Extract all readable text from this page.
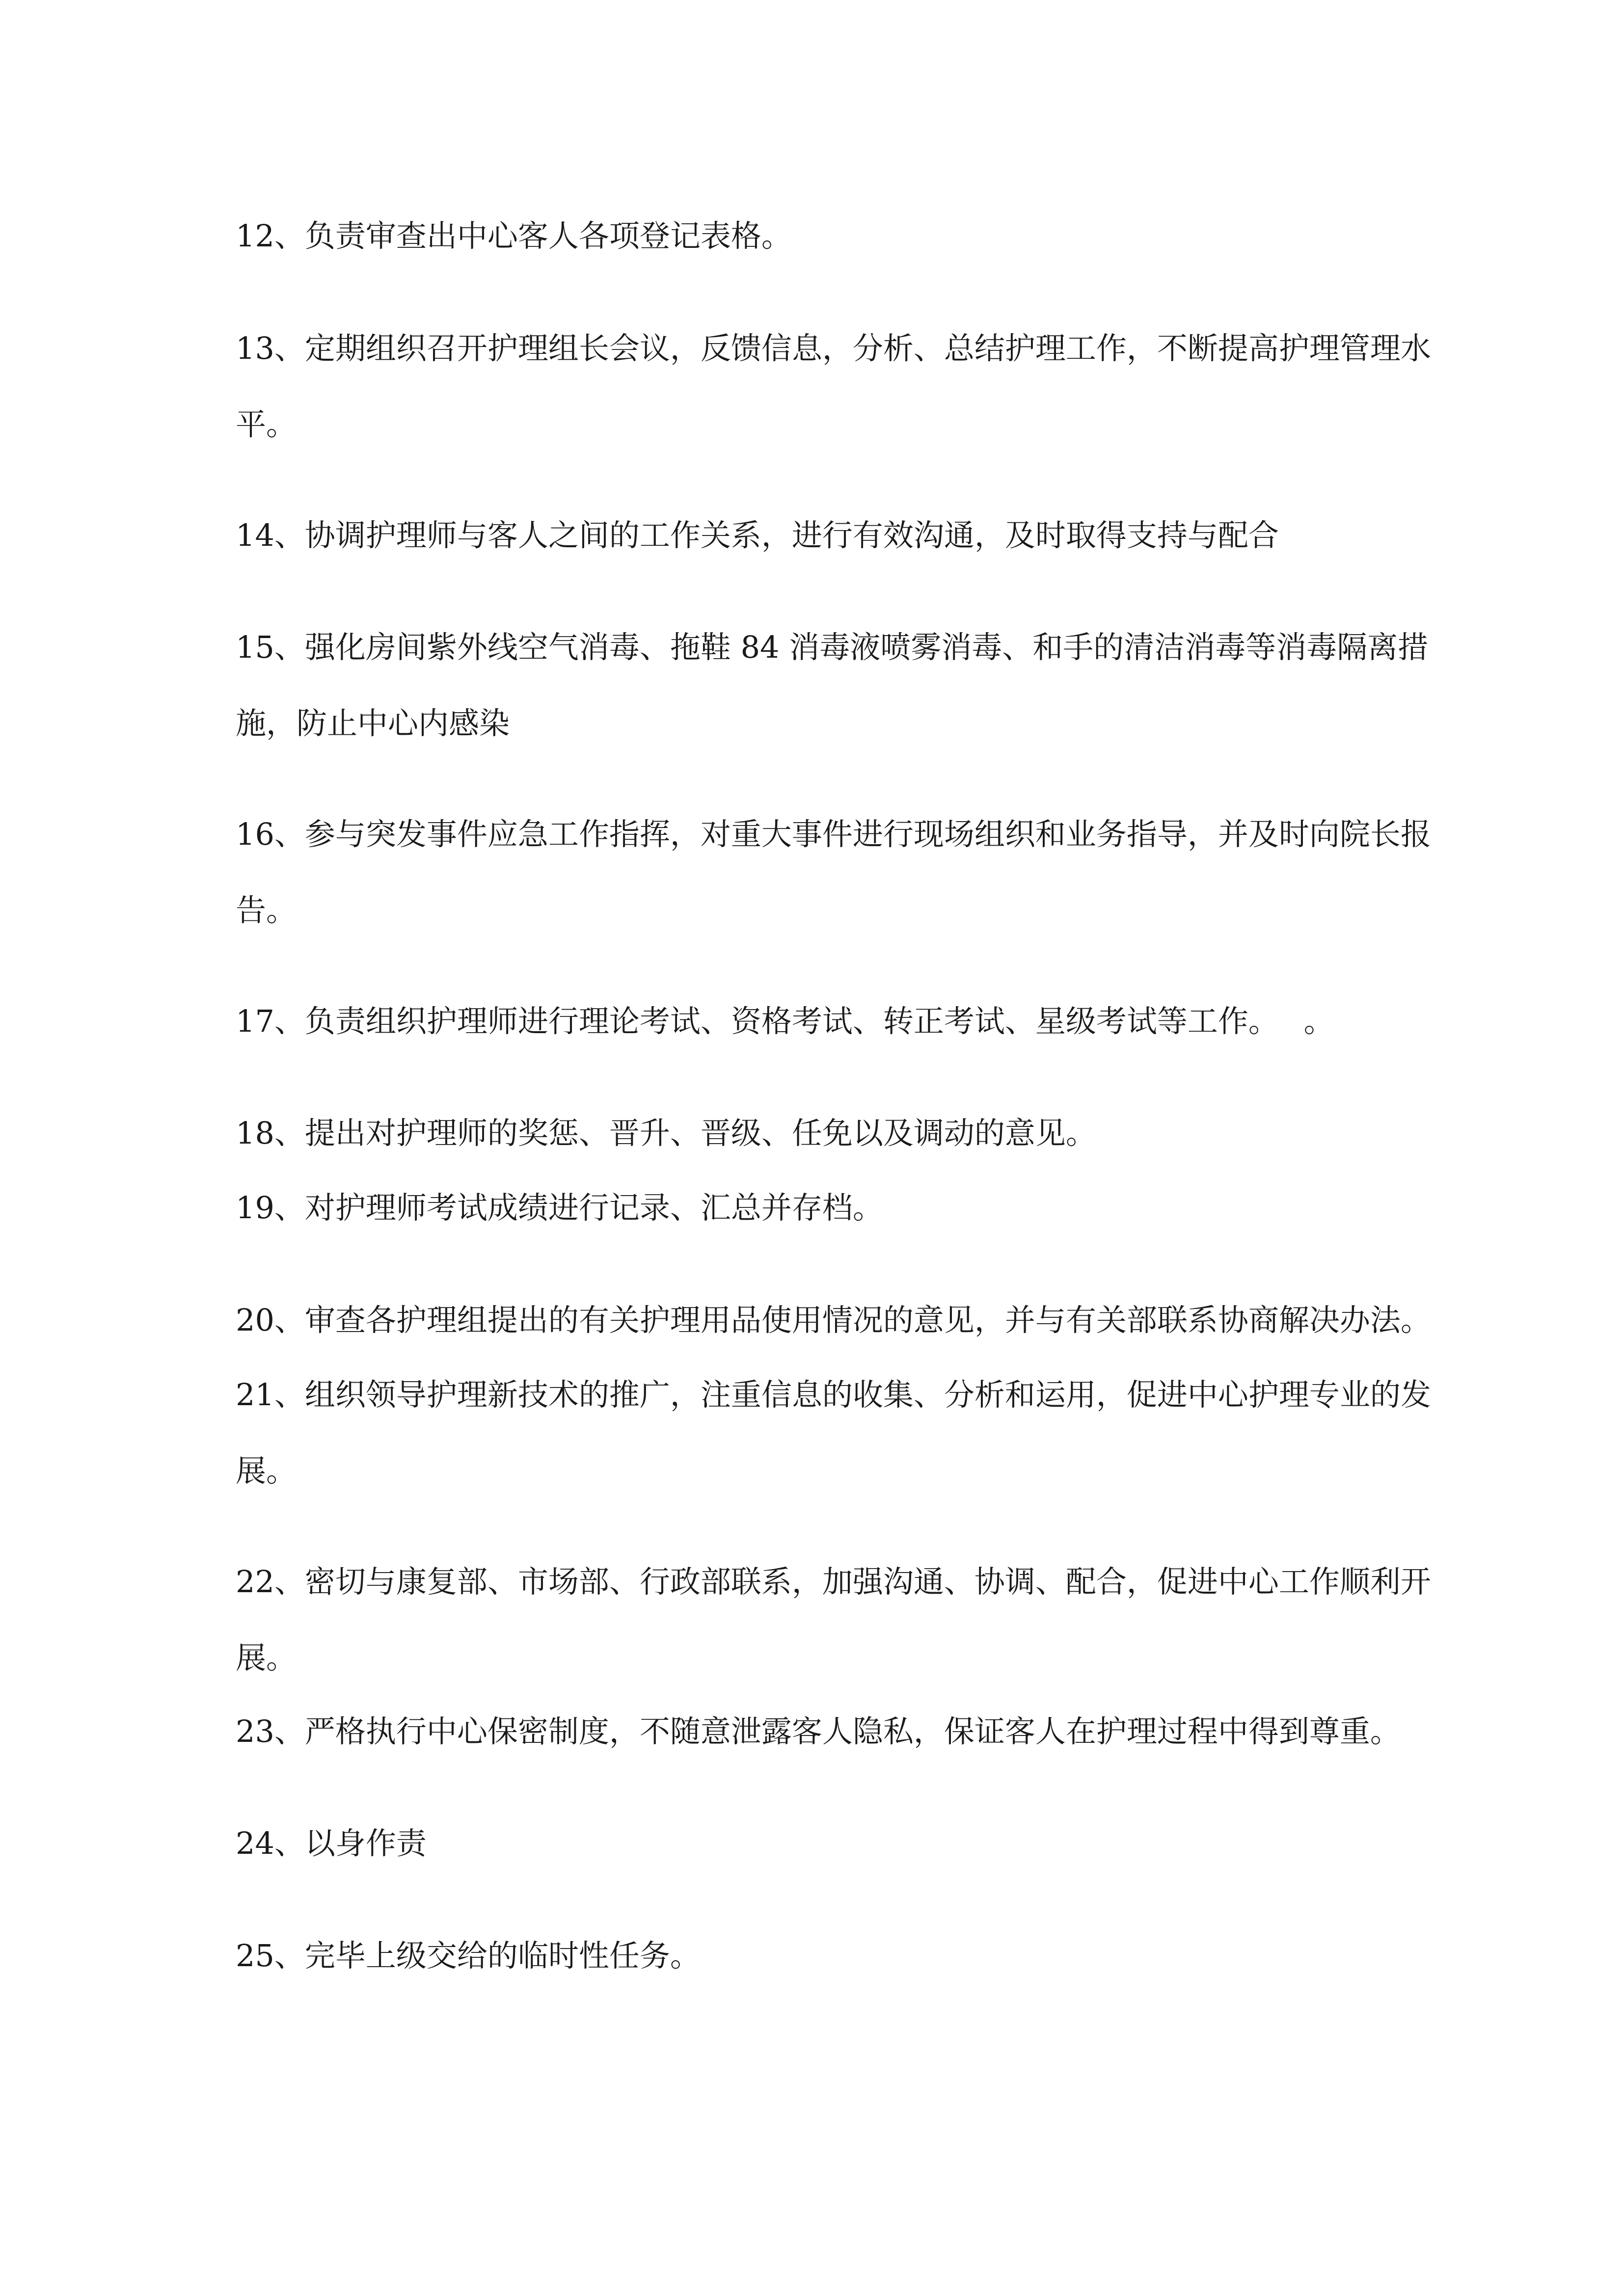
12、负责审查出中心客人各项登记表格。
13、定期组织召开护理组长会议，反馈信息，分析、总结护理工作，不断提高护理管理水
平。
14、协调护理师与客人之间的工作关系，进行有效沟通，及时取得支持与配合
15、强化房间紫外线空气消毒、拖鞋 84 消毒液喷雾消毒、和手的清洁消毒等消毒隔离措
施，防止中心内感染
16、参与突发事件应急工作指挥，对重大事件进行现场组织和业务指导，并及时向院长报
告。
17、负责组织护理师进行理论考试、资格考试、转正考试、星级考试等工作。　 。
18、提出对护理师的奖惩、晋升、晋级、任免以及调动的意见。
19、对护理师考试成绩进行记录、汇总并存档。
20、审查各护理组提出的有关护理用品使用情况的意见，并与有关部联系协商解决办法。
21、组织领导护理新技术的推广，注重信息的收集、分析和运用，促进中心护理专业的发
展。
22、密切与康复部、市场部、行政部联系，加强沟通、协调、配合，促进中心工作顺利开
展。
23、严格执行中心保密制度，不随意泄露客人隐私，保证客人在护理过程中得到尊重。
24、以身作责
25、完毕上级交给的临时性任务。
